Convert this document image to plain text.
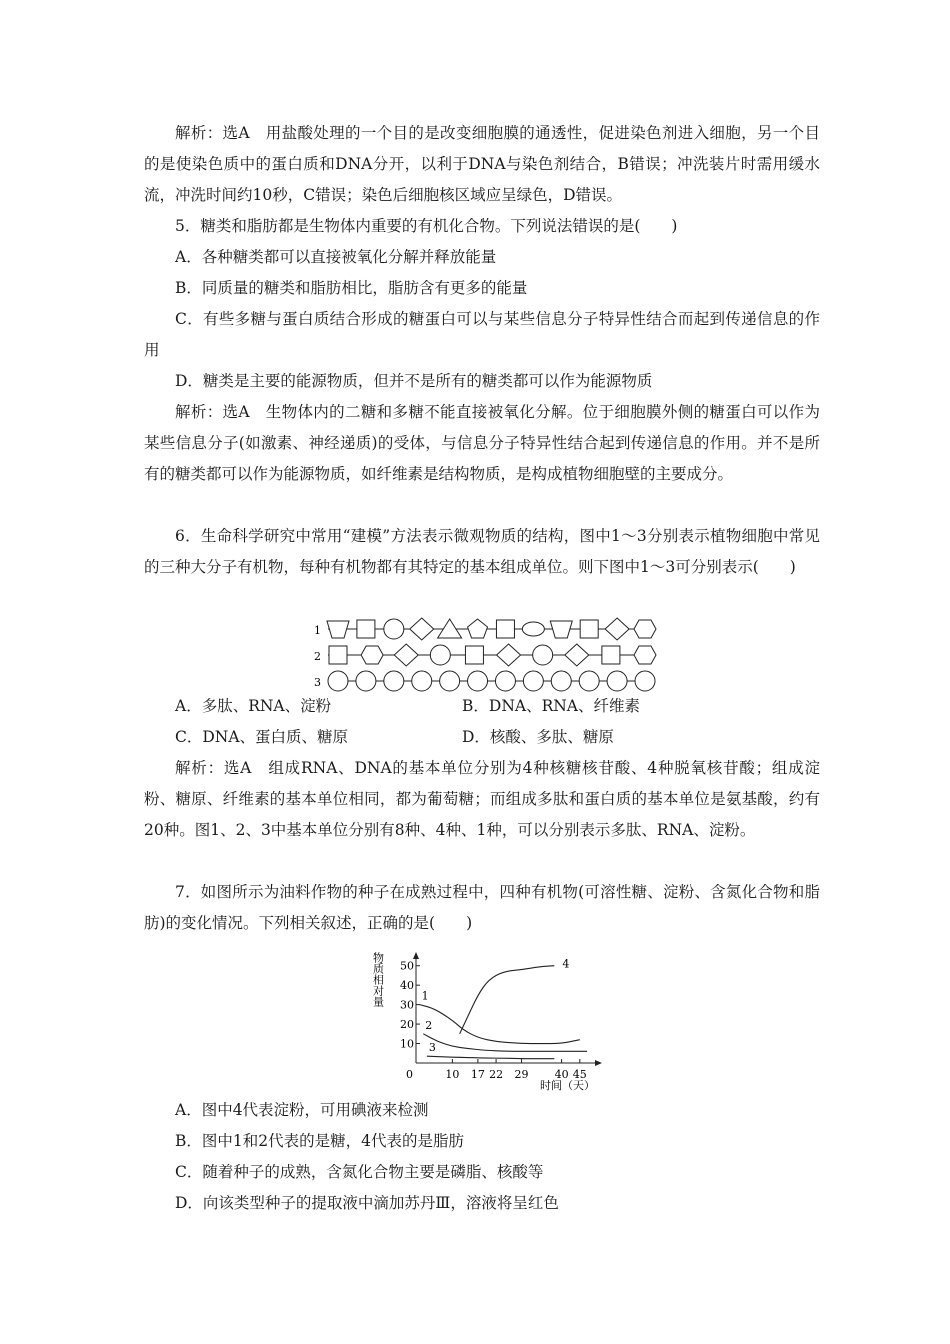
解析：选A　用盐酸处理的一个目的是改变细胞膜的通透性，促进染色剂进入细胞，另一个目的是使染色质中的蛋白质和DNA分开，以利于DNA与染色剂结合，B错误；冲洗装片时需用缓水流，冲洗时间约10秒，C错误；染色后细胞核区域应呈绿色，D错误。

5．糖类和脂肪都是生物体内重要的有机化合物。下列说法错误的是(　　)

A．各种糖类都可以直接被氧化分解并释放能量

B．同质量的糖类和脂肪相比，脂肪含有更多的能量

C．有些多糖与蛋白质结合形成的糖蛋白可以与某些信息分子特异性结合而起到传递信息的作用

D．糖类是主要的能源物质，但并不是所有的糖类都可以作为能源物质

解析：选A　生物体内的二糖和多糖不能直接被氧化分解。位于细胞膜外侧的糖蛋白可以作为某些信息分子(如激素、神经递质)的受体，与信息分子特异性结合起到传递信息的作用。并不是所有的糖类都可以作为能源物质，如纤维素是结构物质，是构成植物细胞壁的主要成分。

6．生命科学研究中常用“建模”方法表示微观物质的结构，图中1～3分别表示植物细胞中常见的三种大分子有机物，每种有机物都有其特定的基本组成单位。则下图中1～3可分别表示(　　)

1
2
3
A．多肽、RNA、淀粉	B．DNA、RNA、纤维素
C．DNA、蛋白质、糖原	D．核酸、多肽、糖原

解析：选A　组成RNA、DNA的基本单位分别为4种核糖核苷酸、4种脱氧核苷酸；组成淀粉、糖原、纤维素的基本单位相同，都为葡萄糖；而组成多肽和蛋白质的基本单位是氨基酸，约有20种。图1、2、3中基本单位分别有8种、4种、1种，可以分别表示多肽、RNA、淀粉。

7．如图所示为油料作物的种子在成熟过程中，四种有机物(可溶性糖、淀粉、含氮化合物和脂肪)的变化情况。下列相关叙述，正确的是(　　)

物质相对量
0
时间（天）
10
20
30
40
50
10 17 22 29 40 45
1
2
3
4

A．图中4代表淀粉，可用碘液来检测

B．图中1和2代表的是糖，4代表的是脂肪

C．随着种子的成熟，含氮化合物主要是磷脂、核酸等

D．向该类型种子的提取液中滴加苏丹Ⅲ，溶液将呈红色
